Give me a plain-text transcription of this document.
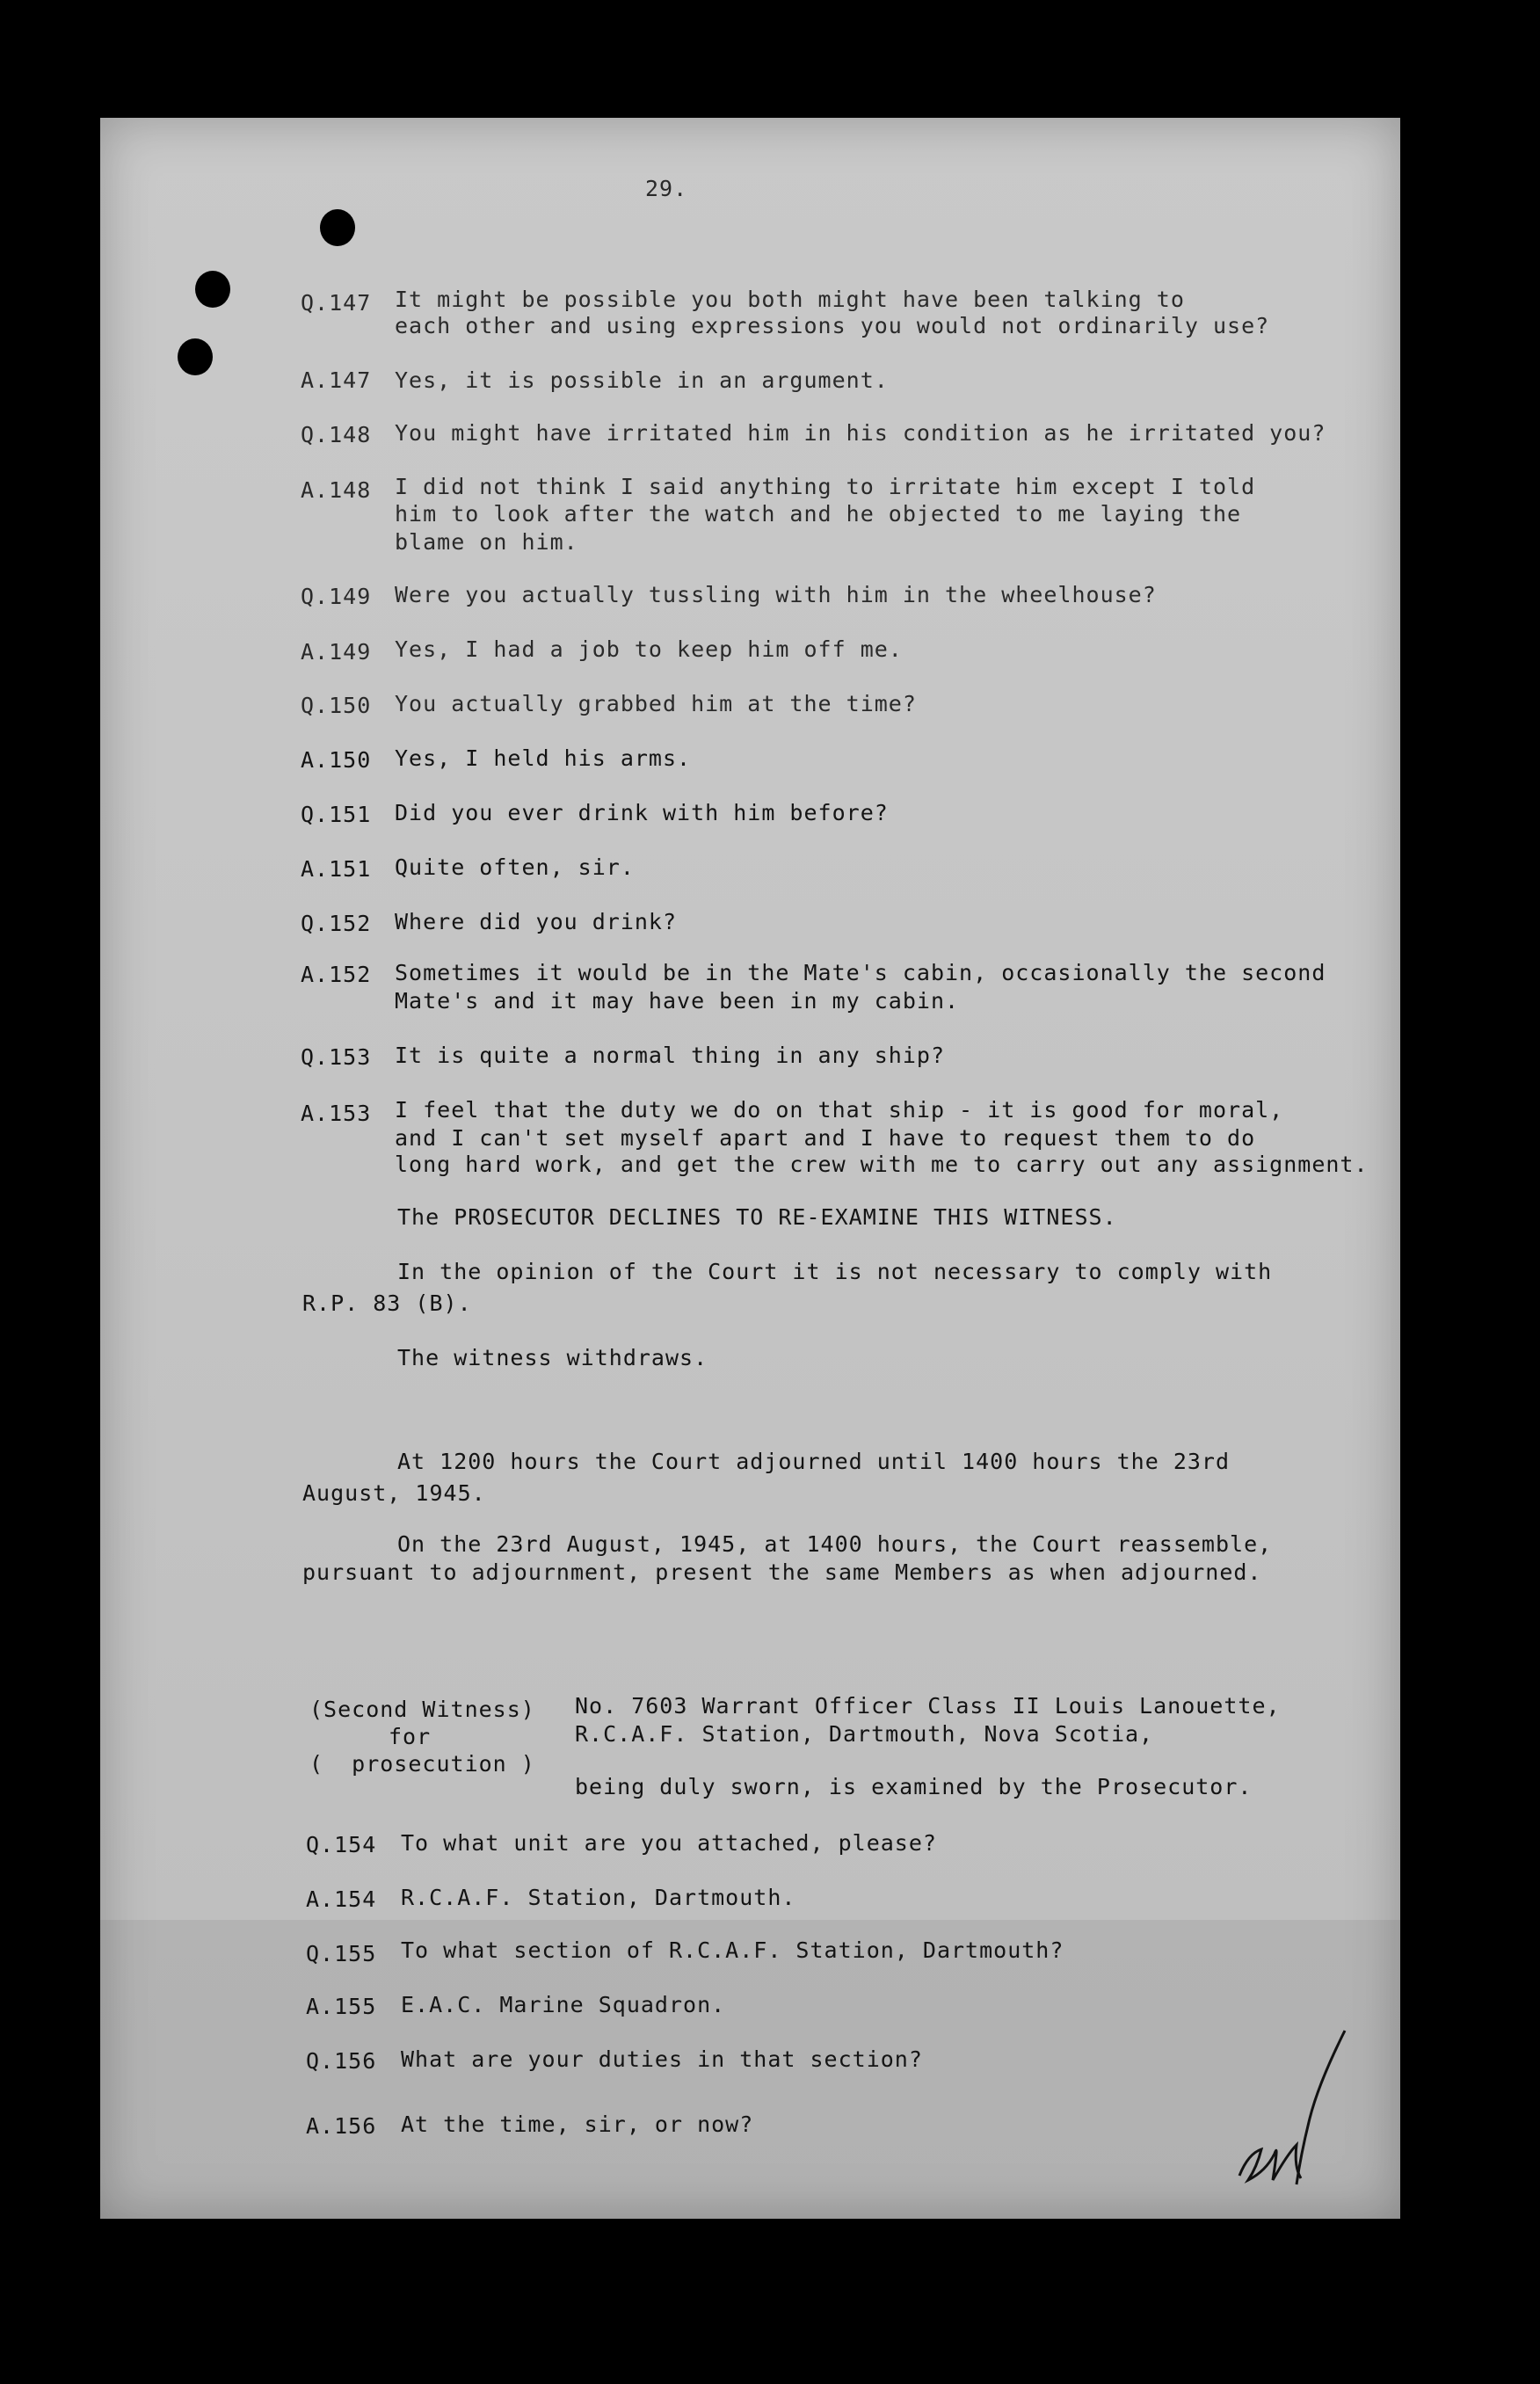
29.
Q.147 It might be possible you both might have been talking to
each other and using expressions you would not ordinarily use?
A.147 Yes, it is possible in an argument.
Q.148 You might have irritated him in his condition as he irritated you?
A.148 I did not think I said anything to irritate him except I told
him to look after the watch and he objected to me laying the
blame on him.
Q.149 Were you actually tussling with him in the wheelhouse?
A.149 Yes, I had a job to keep him off me.
Q.150 You actually grabbed him at the time?
A.150 Yes, I held his arms.
Q.151 Did you ever drink with him before?
A.151 Quite often, sir.
Q.152 Where did you drink?
A.152 Sometimes it would be in the Mate's cabin, occasionally the second
Mate's and it may have been in my cabin.
Q.153 It is quite a normal thing in any ship?
A.153 I feel that the duty we do on that ship - it is good for moral,
and I can't set myself apart and I have to request them to do
long hard work, and get the crew with me to carry out any assignment.
The PROSECUTOR DECLINES TO RE-EXAMINE THIS WITNESS.
In the opinion of the Court it is not necessary to comply with
R.P. 83 (B).
The witness withdraws.
At 1200 hours the Court adjourned until 1400 hours the 23rd
August, 1945.
On the 23rd August, 1945, at 1400 hours, the Court reassemble,
pursuant to adjournment, present the same Members as when adjourned.
(Second Witness)
for
(  prosecution )
No. 7603 Warrant Officer Class II Louis Lanouette,
R.C.A.F. Station, Dartmouth, Nova Scotia,
being duly sworn, is examined by the Prosecutor.
Q.154 To what unit are you attached, please?
A.154 R.C.A.F. Station, Dartmouth.
Q.155 To what section of R.C.A.F. Station, Dartmouth?
A.155 E.A.C. Marine Squadron.
Q.156 What are your duties in that section?
A.156 At the time, sir, or now?
